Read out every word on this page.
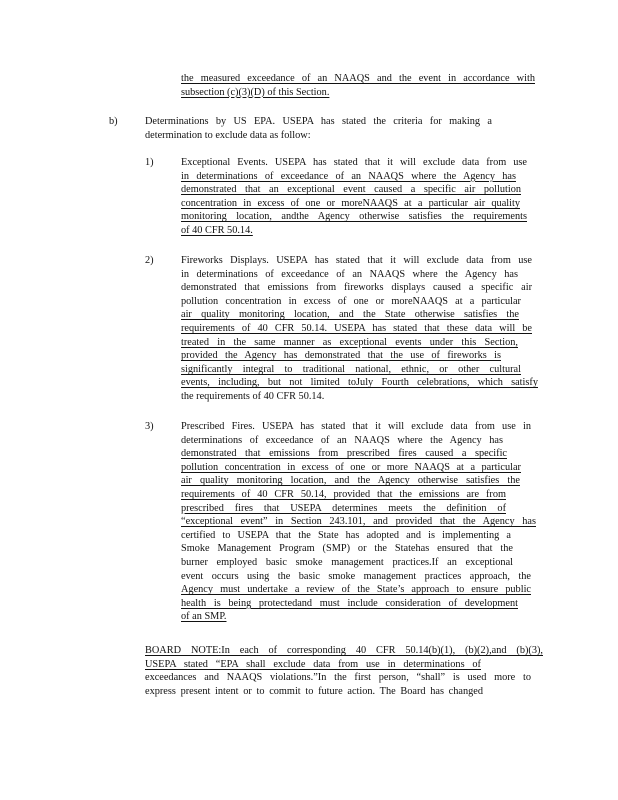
the measured exceedance of an NAAQS and the event in accordance with
subsection (c)(3)(D) of this Section.
b)	Determinations by US EPA. USEPA has stated the criteria for making a
determination to exclude data as follow:
1)	Exceptional Events. USEPA has stated that it will exclude data from use
in determinations of exceedance of an NAAQS where the Agency has
demonstrated that an exceptional event caused a specific air pollution
concentration in excess of one or moreNAAQS at a particular air quality
monitoring location, andthe Agency otherwise satisfies the requirements
of 40 CFR 50.14.
2)	Fireworks Displays. USEPA has stated that it will exclude data from use
in determinations of exceedance of an NAAQS where the Agency has
demonstrated that emissions from fireworks displays caused a specific air
pollution concentration in excess of one or moreNAAQS at a particular
air quality monitoring location, and the State otherwise satisfies the
requirements of 40 CFR 50.14. USEPA has stated that these data will be
treated in the same manner as exceptional events under this Section,
provided the Agency has demonstrated that the use of fireworks is
significantly integral to traditional national, ethnic, or other cultural
events, including, but not limited toJuly Fourth celebrations, which satisfy
the requirements of 40 CFR 50.14.
3)	Prescribed Fires. USEPA has stated that it will exclude data from use in
determinations of exceedance of an NAAQS where the Agency has
demonstrated that emissions from prescribed fires caused a specific
pollution concentration in excess of one or more NAAQS at a particular
air quality monitoring location, and the Agency otherwise satisfies the
requirements of 40 CFR 50.14, provided that the emissions are from
prescribed fires that USEPA determines meets the definition of
“exceptional event” in Section 243.101, and provided that the Agency has
certified to USEPA that the State has adopted and is implementing a
Smoke Management Program (SMP) or the Statehas ensured that the
burner employed basic smoke management practices.If an exceptional
event occurs using the basic smoke management practices approach, the
Agency must undertake a review of the State’s approach to ensure public
health is being protectedand must include consideration of development
of an SMP.
BOARD NOTE:In each of corresponding 40 CFR 50.14(b)(1), (b)(2),and (b)(3),
USEPA stated “EPA shall exclude data from use in determinations of
exceedances and NAAQS violations.”In the first person, “shall” is used more to
express present intent or to commit to future action. The Board has changed
